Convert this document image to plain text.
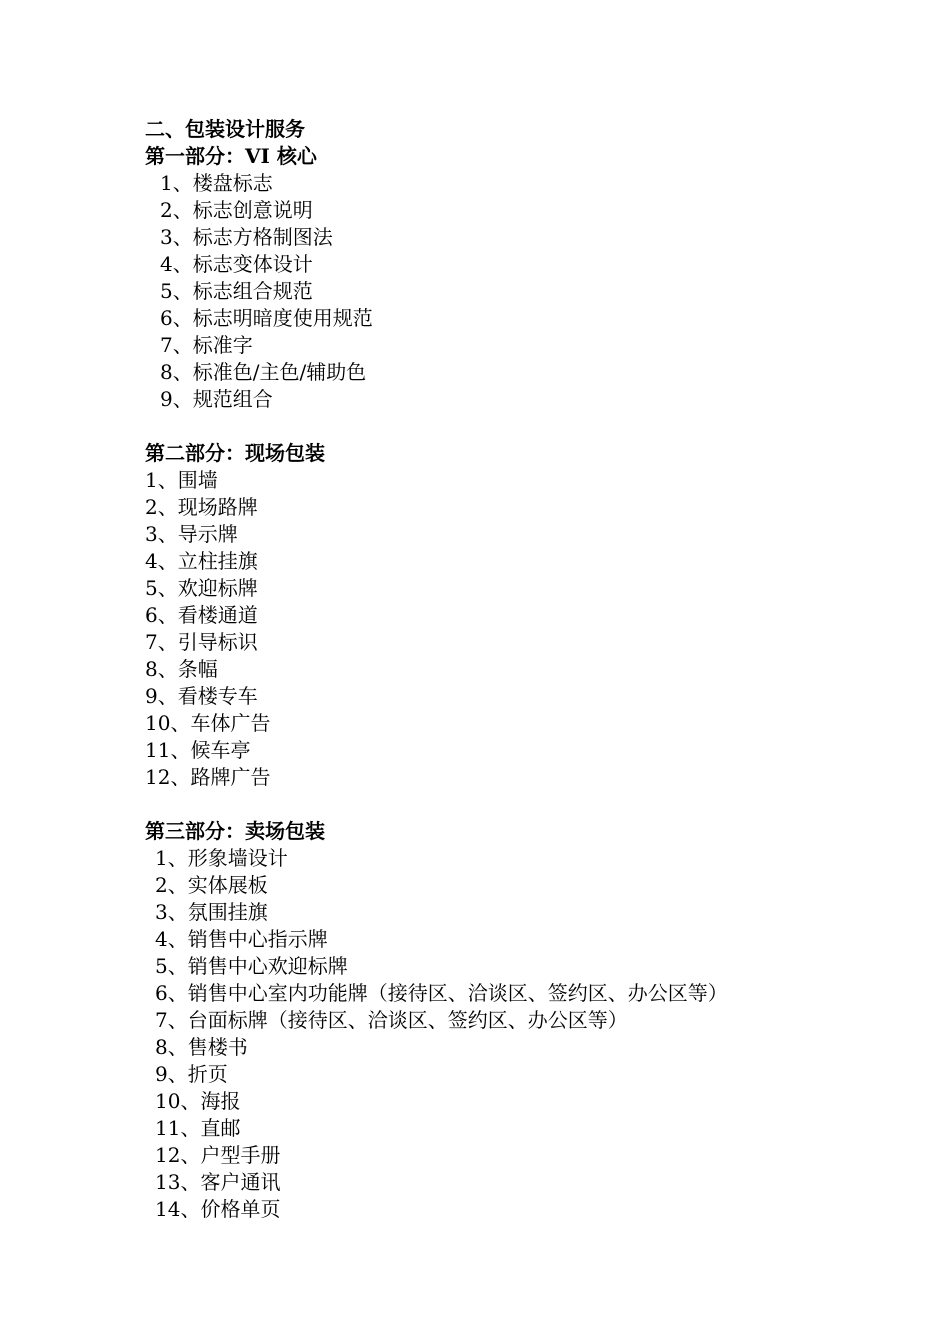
二、包装设计服务
第一部分：VI 核心
1、楼盘标志
2、标志创意说明
3、标志方格制图法
4、标志变体设计
5、标志组合规范
6、标志明暗度使用规范
7、标准字
8、标准色/主色/辅助色
9、规范组合
第二部分：现场包装
1、围墙
2、现场路牌
3、导示牌
4、立柱挂旗
5、欢迎标牌
6、看楼通道
7、引导标识
8、条幅
9、看楼专车
10、车体广告
11、候车亭
12、路牌广告
第三部分：卖场包装
1、形象墙设计
2、实体展板
3、氛围挂旗
4、销售中心指示牌
5、销售中心欢迎标牌
6、销售中心室内功能牌（接待区、洽谈区、签约区、办公区等）
7、台面标牌（接待区、洽谈区、签约区、办公区等）
8、售楼书
9、折页
10、海报
11、直邮
12、户型手册
13、客户通讯
14、价格单页
